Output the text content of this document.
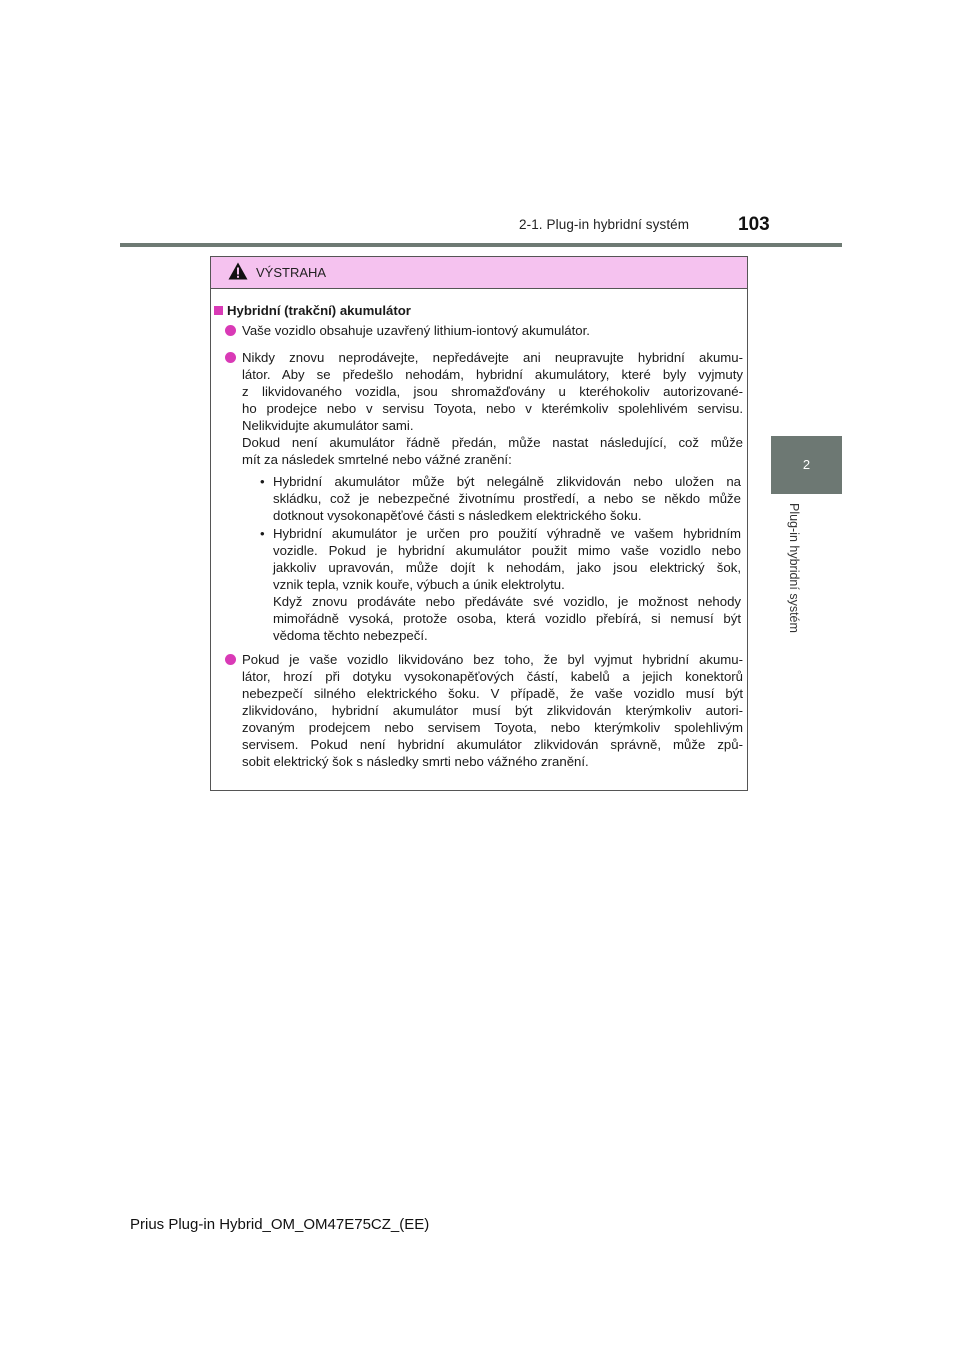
2-1. Plug-in hybridní systém	103
2
Plug-in hybridní systém
VÝSTRAHA
Hybridní (trakční) akumulátor
Vaše vozidlo obsahuje uzavřený lithium-iontový akumulátor.
Nikdy znovu neprodávejte, nepředávejte ani neupravujte hybridní akumu-
látor. Aby se předešlo nehodám, hybridní akumulátory, které byly vyjmuty
z likvidovaného vozidla, jsou shromažďovány u kteréhokoliv autorizované-
ho prodejce nebo v servisu Toyota, nebo v kterémkoliv spolehlivém servisu.
Nelikvidujte akumulátor sami.
Dokud není akumulátor řádně předán, může nastat následující, což může
mít za následek smrtelné nebo vážné zranění:
• Hybridní akumulátor může být nelegálně zlikvidován nebo uložen na
skládku, což je nebezpečné životnímu prostředí, a nebo se někdo může
dotknout vysokonapěťové části s následkem elektrického šoku.
• Hybridní akumulátor je určen pro použití výhradně ve vašem hybridním
vozidle. Pokud je hybridní akumulátor použit mimo vaše vozidlo nebo
jakkoliv upravován, může dojít k nehodám, jako jsou elektrický šok,
vznik tepla, vznik kouře, výbuch a únik elektrolytu.
Když znovu prodáváte nebo předáváte své vozidlo, je možnost nehody
mimořádně vysoká, protože osoba, která vozidlo přebírá, si nemusí být
vědoma těchto nebezpečí.
Pokud je vaše vozidlo likvidováno bez toho, že byl vyjmut hybridní akumu-
látor, hrozí při dotyku vysokonapěťových částí, kabelů a jejich konektorů
nebezpečí silného elektrického šoku. V případě, že vaše vozidlo musí být
zlikvidováno, hybridní akumulátor musí být zlikvidován kterýmkoliv autori-
zovaným prodejcem nebo servisem Toyota, nebo kterýmkoliv spolehlivým
servisem. Pokud není hybridní akumulátor zlikvidován správně, může způ-
sobit elektrický šok s následky smrti nebo vážného zranění.
Prius Plug-in Hybrid_OM_OM47E75CZ_(EE)
